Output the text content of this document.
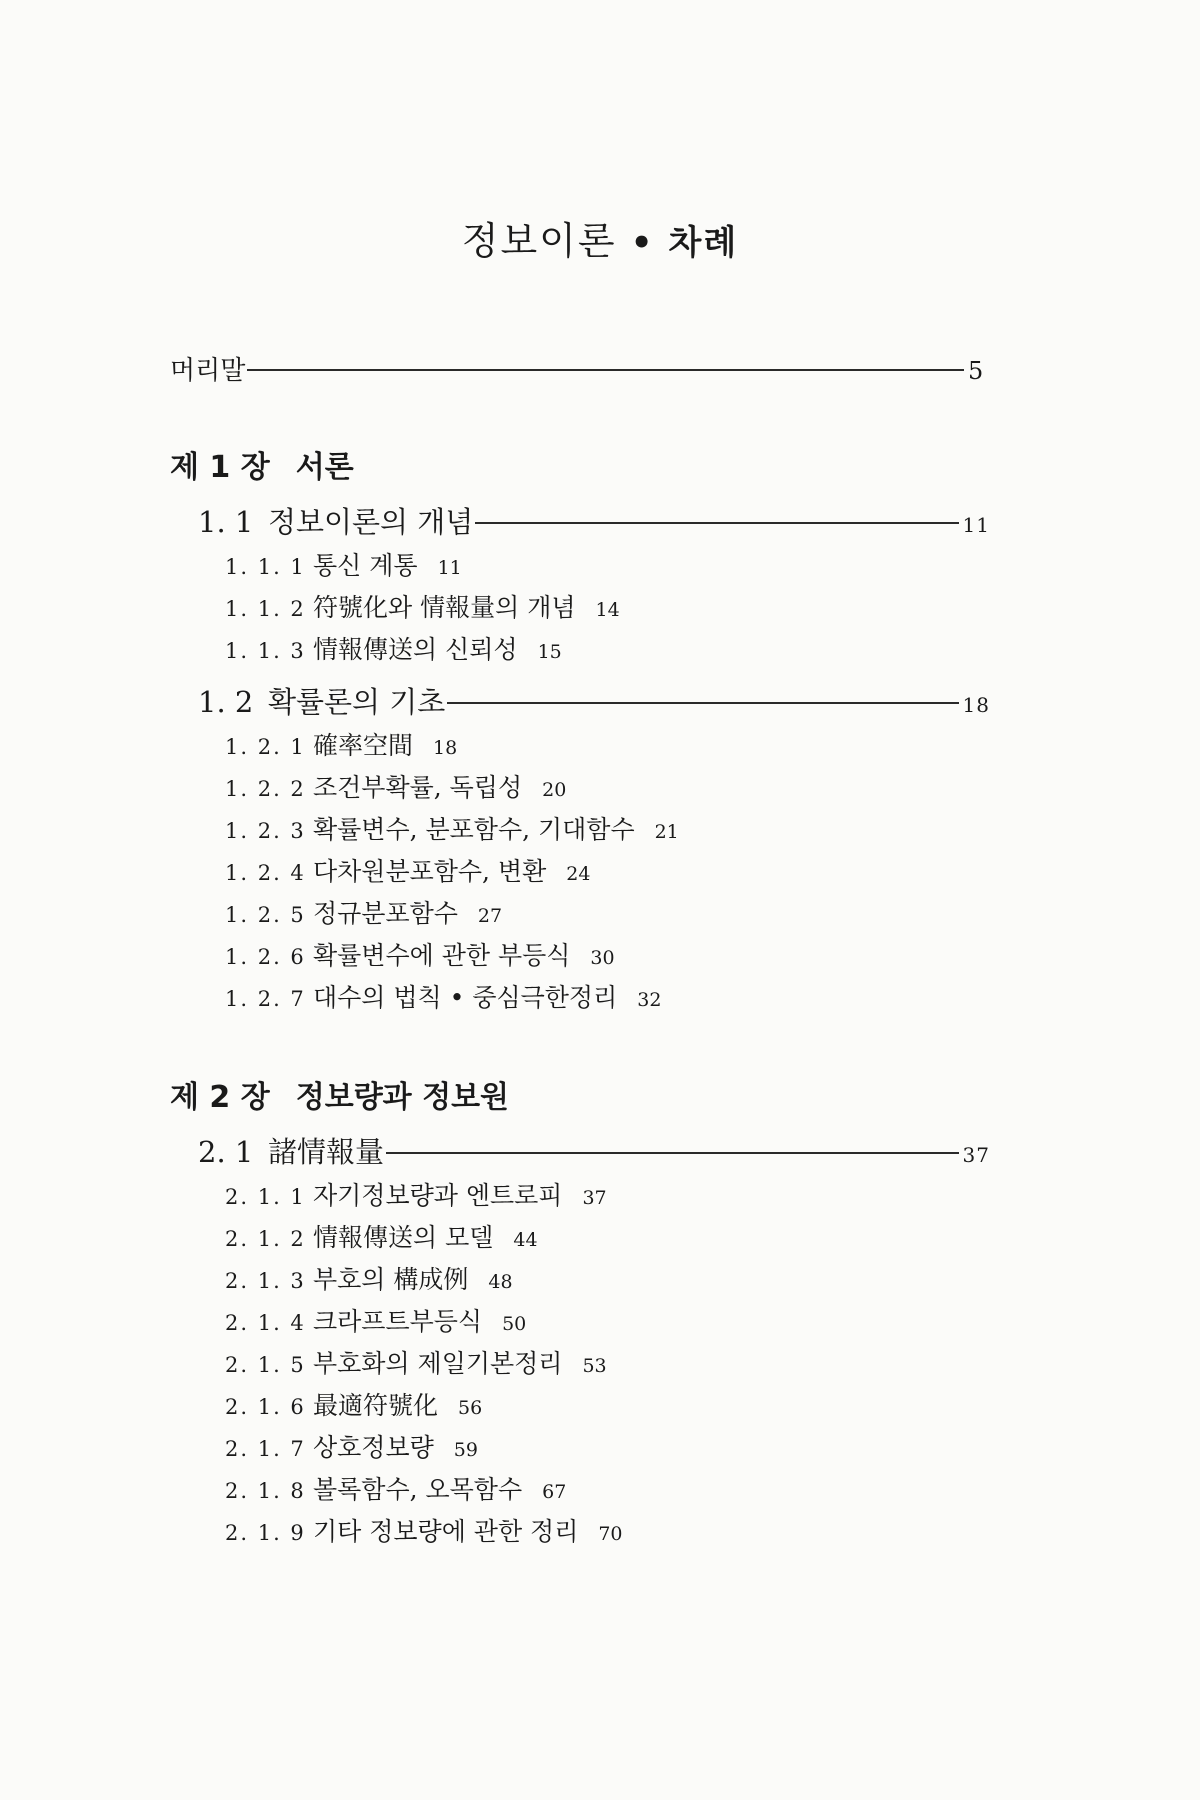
정보이론 • 차례
머리말	5
제 1 장 서론
1. 1 정보이론의 개념	11
1. 1. 1 통신 계통 11
1. 1. 2 符號化와 情報量의 개념 14
1. 1. 3 情報傳送의 신뢰성 15
1. 2 확률론의 기초	18
1. 2. 1 確率空間 18
1. 2. 2 조건부확률, 독립성 20
1. 2. 3 확률변수, 분포함수, 기대함수 21
1. 2. 4 다차원분포함수, 변환 24
1. 2. 5 정규분포함수 27
1. 2. 6 확률변수에 관한 부등식 30
1. 2. 7 대수의 법칙 • 중심극한정리 32
제 2 장 정보량과 정보원
2. 1 諸情報量	37
2. 1. 1 자기정보량과 엔트로피 37
2. 1. 2 情報傳送의 모델 44
2. 1. 3 부호의 構成例 48
2. 1. 4 크라프트부등식 50
2. 1. 5 부호화의 제일기본정리 53
2. 1. 6 最適符號化 56
2. 1. 7 상호정보량 59
2. 1. 8 볼록함수, 오목함수 67
2. 1. 9 기타 정보량에 관한 정리 70
